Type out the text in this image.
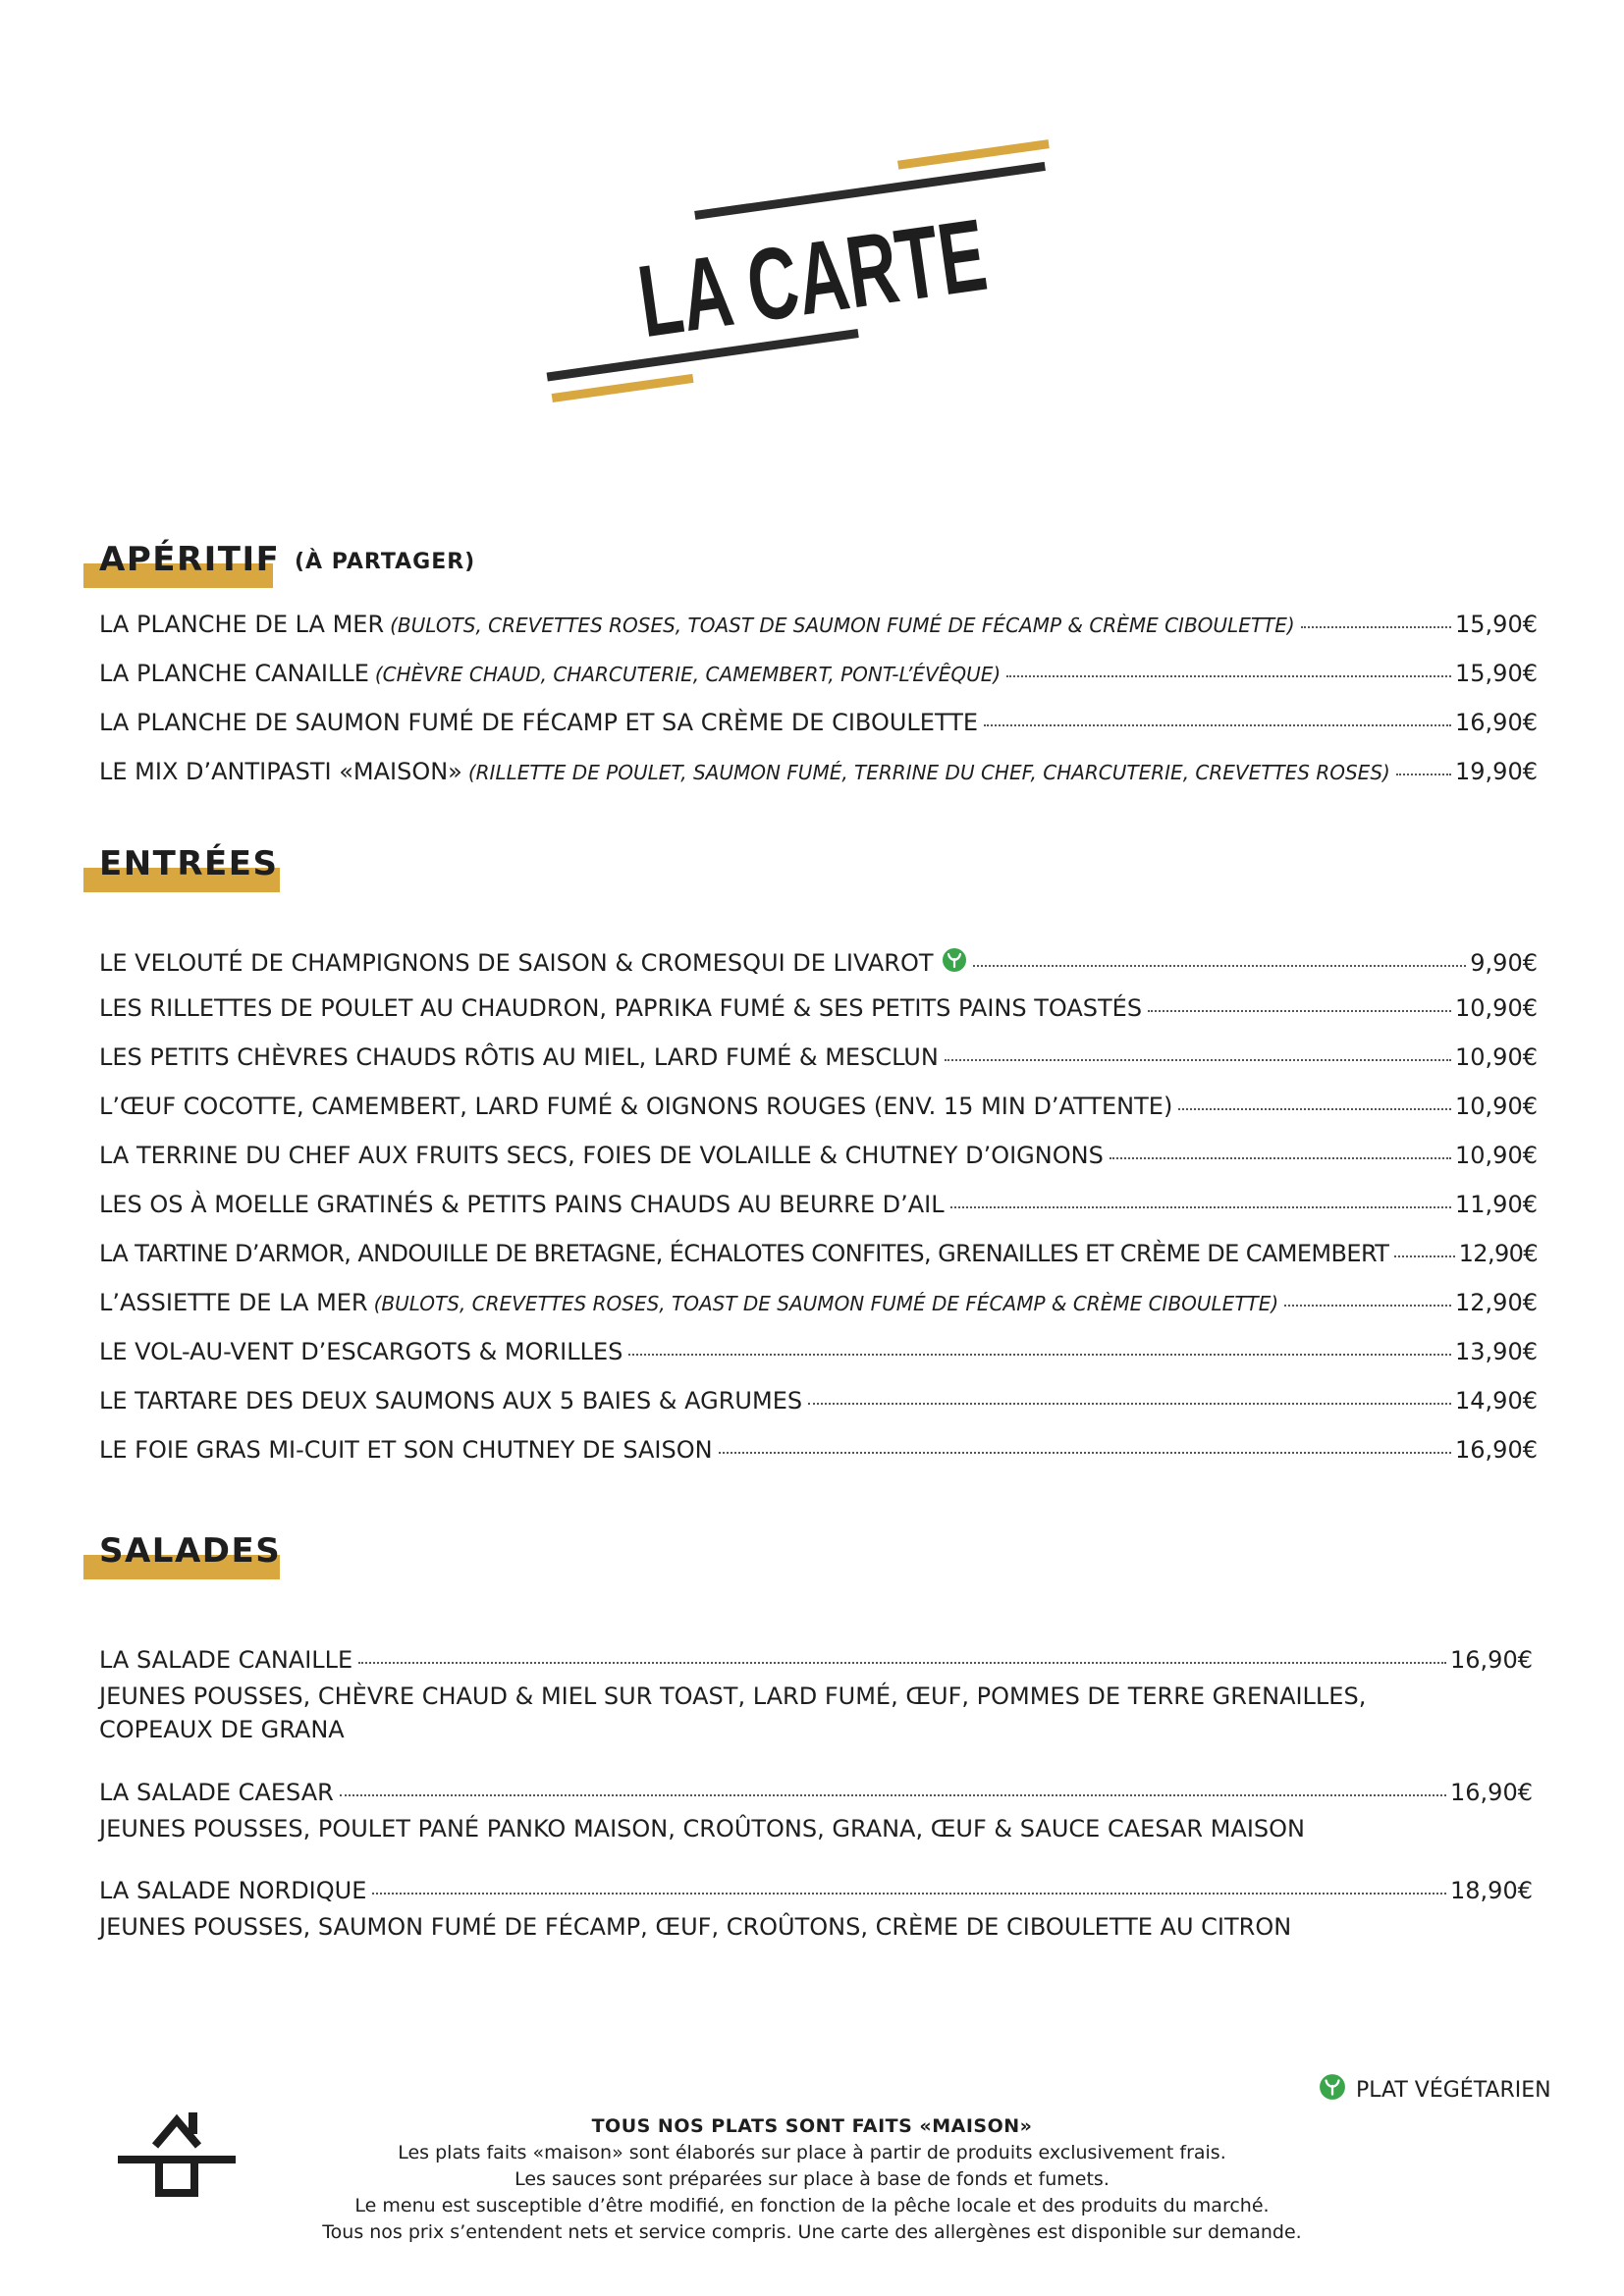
LA CARTE
APÉRITIF (À PARTAGER)
LA PLANCHE DE LA MER (BULOTS, CREVETTES ROSES, TOAST DE SAUMON FUMÉ DE FÉCAMP & CRÈME CIBOULETTE)	15,90€
LA PLANCHE CANAILLE (CHÈVRE CHAUD, CHARCUTERIE, CAMEMBERT, PONT-L’ÉVÊQUE)	15,90€
LA PLANCHE DE SAUMON FUMÉ DE FÉCAMP ET SA CRÈME DE CIBOULETTE	16,90€
LE MIX D’ANTIPASTI «MAISON» (RILLETTE DE POULET, SAUMON FUMÉ, TERRINE DU CHEF, CHARCUTERIE, CREVETTES ROSES)	19,90€
ENTRÉES
LE VELOUTÉ DE CHAMPIGNONS DE SAISON & CROMESQUI DE LIVAROT	9,90€
LES RILLETTES DE POULET AU CHAUDRON, PAPRIKA FUMÉ & SES PETITS PAINS TOASTÉS	10,90€
LES PETITS CHÈVRES CHAUDS RÔTIS AU MIEL, LARD FUMÉ & MESCLUN	10,90€
L’ŒUF COCOTTE, CAMEMBERT, LARD FUMÉ & OIGNONS ROUGES (ENV. 15 MIN D’ATTENTE)	10,90€
LA TERRINE DU CHEF AUX FRUITS SECS, FOIES DE VOLAILLE & CHUTNEY D’OIGNONS	10,90€
LES OS À MOELLE GRATINÉS & PETITS PAINS CHAUDS AU BEURRE D’AIL	11,90€
LA TARTINE D’ARMOR, ANDOUILLE DE BRETAGNE, ÉCHALOTES CONFITES, GRENAILLES ET CRÈME DE CAMEMBERT	12,90€
L’ASSIETTE DE LA MER (BULOTS, CREVETTES ROSES, TOAST DE SAUMON FUMÉ DE FÉCAMP & CRÈME CIBOULETTE)	12,90€
LE VOL-AU-VENT D’ESCARGOTS & MORILLES	13,90€
LE TARTARE DES DEUX SAUMONS AUX 5 BAIES & AGRUMES	14,90€
LE FOIE GRAS MI-CUIT ET SON CHUTNEY DE SAISON	16,90€
SALADES
LA SALADE CANAILLE	16,90€
JEUNES POUSSES, CHÈVRE CHAUD & MIEL SUR TOAST, LARD FUMÉ, ŒUF, POMMES DE TERRE GRENAILLES, COPEAUX DE GRANA
LA SALADE CAESAR	16,90€
JEUNES POUSSES, POULET PANÉ PANKO MAISON, CROÛTONS, GRANA, ŒUF & SAUCE CAESAR MAISON
LA SALADE NORDIQUE	18,90€
JEUNES POUSSES, SAUMON FUMÉ DE FÉCAMP, ŒUF, CROÛTONS, CRÈME DE CIBOULETTE AU CITRON
PLAT VÉGÉTARIEN
TOUS NOS PLATS SONT FAITS «MAISON»
Les plats faits «maison» sont élaborés sur place à partir de produits exclusivement frais.
Les sauces sont préparées sur place à base de fonds et fumets.
Le menu est susceptible d’être modifié, en fonction de la pêche locale et des produits du marché.
Tous nos prix s’entendent nets et service compris. Une carte des allergènes est disponible sur demande.
